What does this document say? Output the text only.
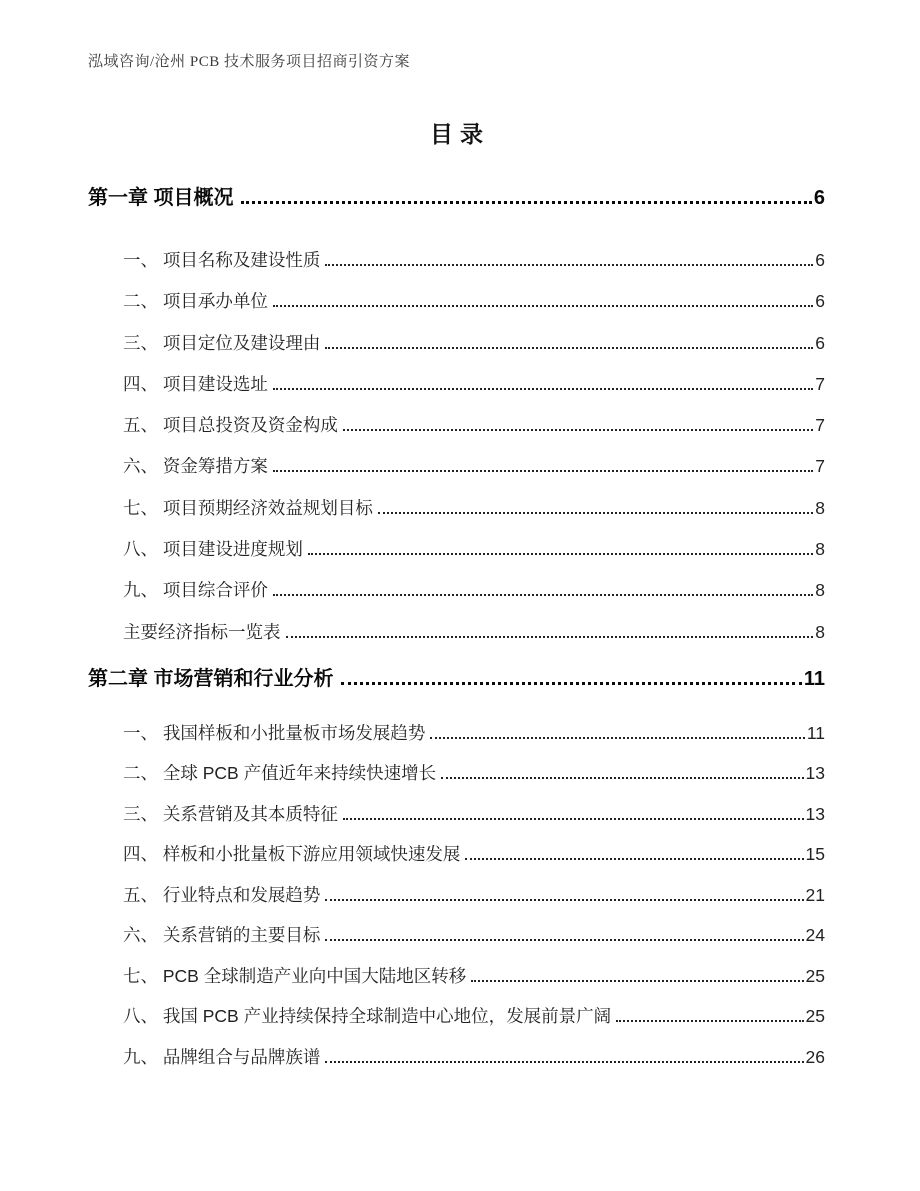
泓域咨询/沧州 PCB 技术服务项目招商引资方案
目录
第一章 项目概况	6
一、 项目名称及建设性质	6
二、 项目承办单位	6
三、 项目定位及建设理由	6
四、 项目建设选址	7
五、 项目总投资及资金构成	7
六、 资金筹措方案	7
七、 项目预期经济效益规划目标	8
八、 项目建设进度规划	8
九、 项目综合评价	8
主要经济指标一览表	8
第二章 市场营销和行业分析	11
一、 我国样板和小批量板市场发展趋势	11
二、 全球 PCB 产值近年来持续快速增长	13
三、 关系营销及其本质特征	13
四、 样板和小批量板下游应用领域快速发展	15
五、 行业特点和发展趋势	21
六、 关系营销的主要目标	24
七、 PCB 全球制造产业向中国大陆地区转移	25
八、 我国 PCB 产业持续保持全球制造中心地位，发展前景广阔	25
九、 品牌组合与品牌族谱	26
